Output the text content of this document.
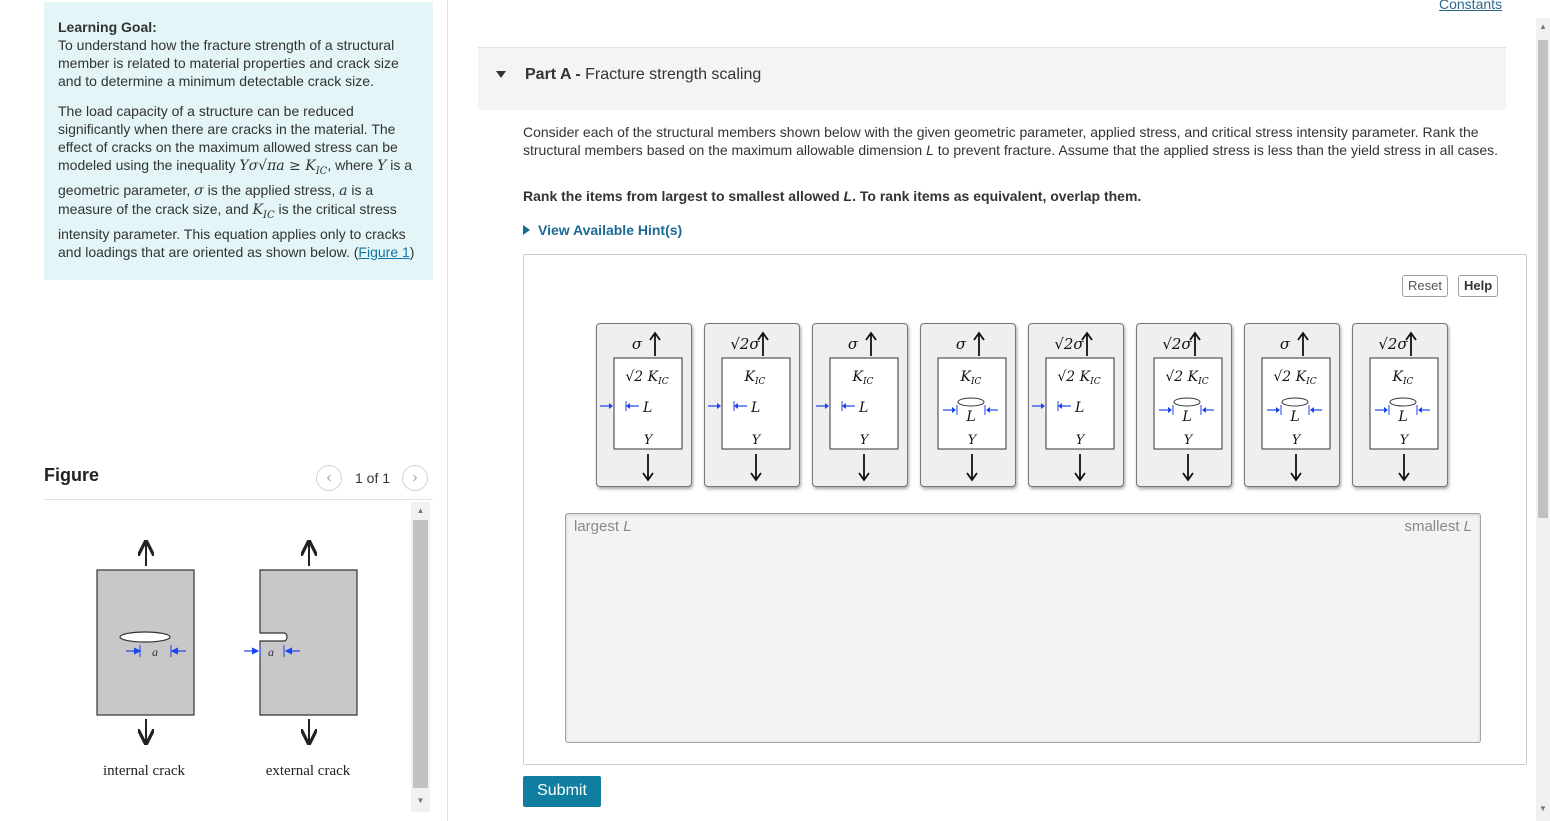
Learning Goal:

To understand how the fracture strength of a structural member is related to material properties and crack size and to determine a minimum detectable crack size.

The load capacity of a structure can be reduced significantly when there are cracks in the material. The effect of cracks on the maximum allowed stress can be modeled using the inequality $Y\sigma√\pi a \ge K_{IC}$, where Y is a geometric parameter, σ is the applied stress, a is a measure of the crack size, and $K_{IC}$ is the critical stress intensity parameter. This equation applies only to cracks and loadings that are oriented as shown below. (Figure 1)

Figure	‹	1 of 1	›
a
internal crack
a
external crack
▲
▼
Constants
Part A - Fracture strength scaling

Consider each of the structural members shown below with the given geometric parameter, applied stress, and critical stress intensity parameter. Rank the structural members based on the maximum allowable dimension L to prevent fracture. Assume that the applied stress is less than the yield stress in all cases.

Rank the items from largest to smallest allowed L. To rank items as equivalent, overlap them.
View Available Hint(s)
Reset	Help
σ
√2 $K_{IC}$
L
Y
√2σ
$K_{IC}$
L
Y
σ
$K_{IC}$
L
Y
σ
$K_{IC}$
L
Y
√2σ
√2 $K_{IC}$
L
Y
√2σ
√2 $K_{IC}$
L
Y
σ
√2 $K_{IC}$
L
Y
√2σ
$K_{IC}$
L
Y
largest L	smallest L
Submit
▲
▼
